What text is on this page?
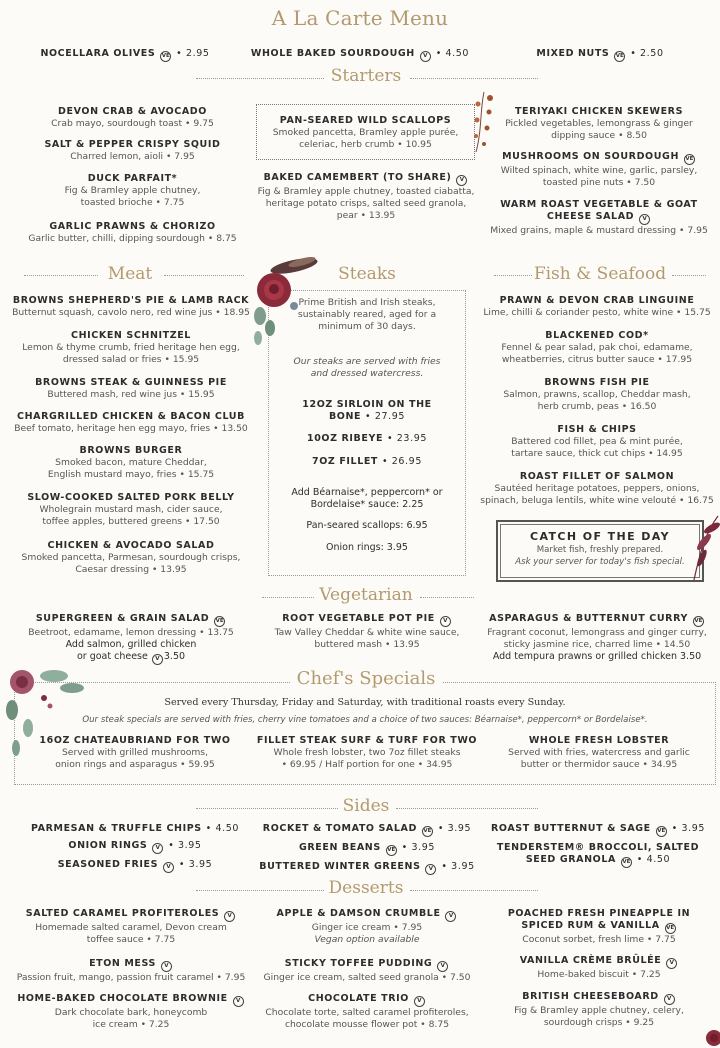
A La Carte Menu
NOCELLARA OLIVES VE • 2.95	WHOLE BAKED SOURDOUGH V • 4.50	MIXED NUTS VE • 2.50
Starters
DEVON CRAB & AVOCADO
Crab mayo, sourdough toast • 9.75
SALT & PEPPER CRISPY SQUID
Charred lemon, aioli • 7.95
DUCK PARFAIT*
Fig & Bramley apple chutney,
toasted brioche • 7.75
GARLIC PRAWNS & CHORIZO
Garlic butter, chilli, dipping sourdough • 8.75
PAN-SEARED WILD SCALLOPS
Smoked pancetta, Bramley apple purée,
celeriac, herb crumb • 10.95
BAKED CAMEMBERT (TO SHARE) V
Fig & Bramley apple chutney, toasted ciabatta,
heritage potato crisps, salted seed granola,
pear • 13.95
TERIYAKI CHICKEN SKEWERS
Pickled vegetables, lemongrass & ginger
dipping sauce • 8.50
MUSHROOMS ON SOURDOUGH VE
Wilted spinach, white wine, garlic, parsley,
toasted pine nuts • 7.50
WARM ROAST VEGETABLE & GOAT
CHEESE SALAD V
Mixed grains, maple & mustard dressing • 7.95
Meat	Steaks	Fish & Seafood
BROWNS SHEPHERD'S PIE & LAMB RACK
Butternut squash, cavolo nero, red wine jus • 18.95
CHICKEN SCHNITZEL
Lemon & thyme crumb, fried heritage hen egg,
dressed salad or fries • 15.95
BROWNS STEAK & GUINNESS PIE
Buttered mash, red wine jus • 15.95
CHARGRILLED CHICKEN & BACON CLUB
Beef tomato, heritage hen egg mayo, fries • 13.50
BROWNS BURGER
Smoked bacon, mature Cheddar,
English mustard mayo, fries • 15.75
SLOW-COOKED SALTED PORK BELLY
Wholegrain mustard mash, cider sauce,
toffee apples, buttered greens • 17.50
CHICKEN & AVOCADO SALAD
Smoked pancetta, Parmesan, sourdough crisps,
Caesar dressing • 13.95
Prime British and Irish steaks,
sustainably reared, aged for a
minimum of 30 days.
Our steaks are served with fries
and dressed watercress.
12OZ SIRLOIN ON THE
BONE • 27.95
10OZ RIBEYE • 23.95
7OZ FILLET • 26.95
Add Béarnaise*, peppercorn* or
Bordelaise* sauce: 2.25
Pan-seared scallops: 6.95
Onion rings: 3.95
PRAWN & DEVON CRAB LINGUINE
Lime, chilli & coriander pesto, white wine • 15.75
BLACKENED COD*
Fennel & pear salad, pak choi, edamame,
wheatberries, citrus butter sauce • 17.95
BROWNS FISH PIE
Salmon, prawns, scallop, Cheddar mash,
herb crumb, peas • 16.50
FISH & CHIPS
Battered cod fillet, pea & mint purée,
tartare sauce, thick cut chips • 14.95
ROAST FILLET OF SALMON
Sautéed heritage potatoes, peppers, onions,
spinach, beluga lentils, white wine velouté • 16.75
CATCH OF THE DAY
Market fish, freshly prepared.
Ask your server for today's fish special.
Vegetarian
SUPERGREEN & GRAIN SALAD VE
Beetroot, edamame, lemon dressing • 13.75
Add salmon, grilled chicken
or goat cheese V 3.50
ROOT VEGETABLE POT PIE V
Taw Valley Cheddar & white wine sauce,
buttered mash • 13.95
ASPARAGUS & BUTTERNUT CURRY VE
Fragrant coconut, lemongrass and ginger curry,
sticky jasmine rice, charred lime • 14.50
Add tempura prawns or grilled chicken 3.50
Chef's Specials
Served every Thursday, Friday and Saturday, with traditional roasts every Sunday.
Our steak specials are served with fries, cherry vine tomatoes and a choice of two sauces: Béarnaise*, peppercorn* or Bordelaise*.
16OZ CHATEAUBRIAND FOR TWO
Served with grilled mushrooms,
onion rings and asparagus • 59.95
FILLET STEAK SURF & TURF FOR TWO
Whole fresh lobster, two 7oz fillet steaks
• 69.95 / Half portion for one • 34.95
WHOLE FRESH LOBSTER
Served with fries, watercress and garlic
butter or thermidor sauce • 34.95
Sides
PARMESAN & TRUFFLE CHIPS • 4.50
ONION RINGS V • 3.95
SEASONED FRIES V • 3.95
ROCKET & TOMATO SALAD VE • 3.95
GREEN BEANS VE • 3.95
BUTTERED WINTER GREENS V • 3.95
ROAST BUTTERNUT & SAGE VE • 3.95
TENDERSTEM® BROCCOLI, SALTED
SEED GRANOLA VE • 4.50
Desserts
SALTED CARAMEL PROFITEROLES V
Homemade salted caramel, Devon cream
toffee sauce • 7.75
ETON MESS V
Passion fruit, mango, passion fruit caramel • 7.95
HOME-BAKED CHOCOLATE BROWNIE V
Dark chocolate bark, honeycomb
ice cream • 7.25
APPLE & DAMSON CRUMBLE V
Ginger ice cream • 7.95
Vegan option available
STICKY TOFFEE PUDDING V
Ginger ice cream, salted seed granola • 7.50
CHOCOLATE TRIO V
Chocolate torte, salted caramel profiteroles,
chocolate mousse flower pot • 8.75
POACHED FRESH PINEAPPLE IN
SPICED RUM & VANILLA VE
Coconut sorbet, fresh lime • 7.75
VANILLA CRÈME BRÛLÉE V
Home-baked biscuit • 7.25
BRITISH CHEESEBOARD V
Fig & Bramley apple chutney, celery,
sourdough crisps • 9.25
